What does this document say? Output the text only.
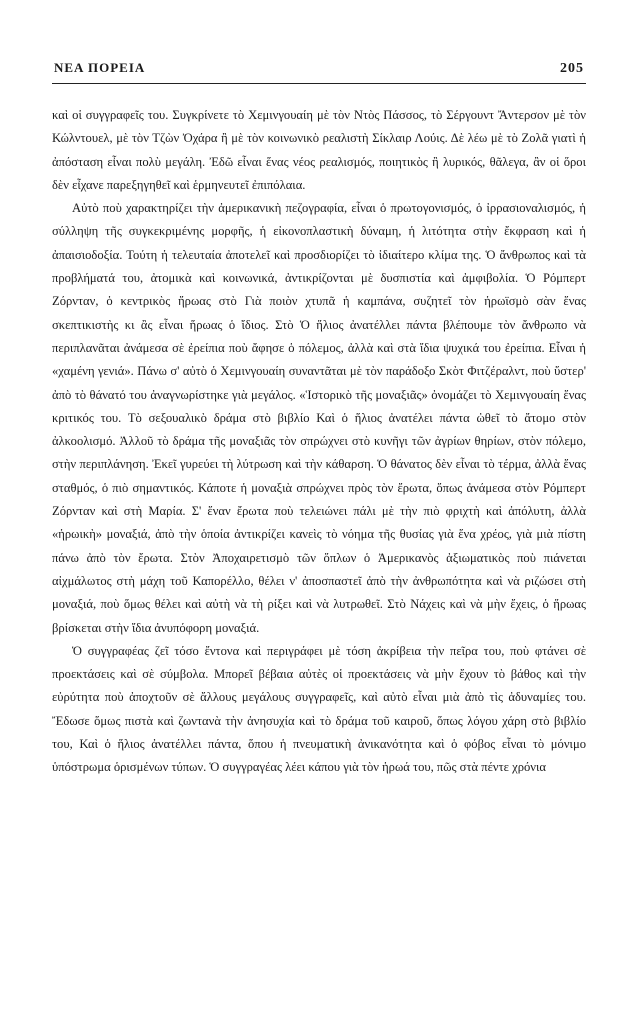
ΝΕΑ ΠΟΡΕΙΑ	205

καὶ οἱ συγγραφεῖς του. Συγκρίνετε τὸ Χεμινγουαίη μὲ τὸν Ντὸς Πάσσος, τὸ Σέργουντ Ἄντερσον μὲ τὸν Κώλντουελ, μὲ τὸν Τζὼν Ὀχάρα ἢ μὲ τὸν κοινωνικὸ ρεαλιστὴ Σίκλαιρ Λούις. Δὲ λέω μὲ τὸ Ζολᾶ γιατὶ ἡ ἀπόσταση εἶναι πολὺ μεγάλη. Ἐδῶ εἶναι ἕνας νέος ρεαλισμός, ποιητικὸς ἢ λυρικός, θᾶλεγα, ἂν οἱ ὅροι δὲν εἶχανε παρεξηγηθεῖ καὶ ἑρμηνευτεῖ ἐπιπόλαια.

Αὐτὸ ποὺ χαρακτηρίζει τὴν ἀμερικανικὴ πεζογραφία, εἶναι ὁ πρωτογονισμός, ὁ ἰρρασιοναλισμός, ἡ σύλληψη τῆς συγκεκριμένης μορφῆς, ἡ εἰκονοπλαστικὴ δύναμη, ἡ λιτότητα στὴν ἔκφραση καὶ ἡ ἀπαισιοδοξία. Τούτη ἡ τελευταία ἀποτελεῖ καὶ προσδιορίζει τὸ ἰδιαίτερο κλίμα της. Ὁ ἄνθρωπος καὶ τὰ προβλήματά του, ἀτομικὰ καὶ κοινωνικά, ἀντικρίζονται μὲ δυσπιστία καὶ ἀμφιβολία. Ὁ Ρόμπερτ Ζόρνταν, ὁ κεντρικὸς ἥρωας στὸ Γιὰ ποιὸν χτυπᾶ ἡ καμπάνα, συζητεῖ τὸν ἡρωϊσμὸ σὰν ἕνας σκεπτικιστὴς κι ἂς εἶναι ἥρωας ὁ ἴδιος. Στὸ Ὁ ἥλιος ἀνατέλλει πάντα βλέπουμε τὸν ἄνθρωπο νὰ περιπλανᾶται ἀνάμεσα σὲ ἐρείπια ποὺ ἄφησε ὁ πόλεμος, ἀλλὰ καὶ στὰ ἴδια ψυχικά του ἐρείπια. Εἶναι ἡ «χαμένη γενιά». Πάνω σ' αὐτὸ ὁ Χεμινγουαίη συναντᾶται μὲ τὸν παράδοξο Σκὸτ Φιτζέραλντ, ποὺ ὕστερ' ἀπὸ τὸ θάνατό του ἀναγνωρίστηκε γιὰ μεγάλος. «Ἱστορικὸ τῆς μοναξιᾶς» ὀνομάζει τὸ Χεμινγουαίη ἕνας κριτικός του. Τὸ σεξουαλικὸ δράμα στὸ βιβλίο Καὶ ὁ ἥλιος ἀνατέλει πάντα ὠθεῖ τὸ ἄτομο στὸν ἀλκοολισμό. Ἀλλοῦ τὸ δράμα τῆς μοναξιᾶς τὸν σπρώχνει στὸ κυνῆγι τῶν ἀγρίων θηρίων, στὸν πόλεμο, στὴν περιπλάνηση. Ἐκεῖ γυρεύει τὴ λύτρωση καὶ τὴν κάθαρση. Ὁ θάνατος δὲν εἶναι τὸ τέρμα, ἀλλὰ ἕνας σταθμός, ὁ πιὸ σημαντικός. Κάποτε ἡ μοναξιὰ σπρώχνει πρὸς τὸν ἔρωτα, ὅπως ἀνάμεσα στὸν Ρόμπερτ Ζόρνταν καὶ στὴ Μαρία. Σ' ἕναν ἔρωτα ποὺ τελειώνει πάλι μὲ τὴν πιὸ φριχτὴ καὶ ἀπόλυτη, ἀλλὰ «ἡρωικὴ» μοναξιά, ἀπὸ τὴν ὁποία ἀντικρίζει κανεὶς τὸ νόημα τῆς θυσίας γιὰ ἕνα χρέος, γιὰ μιὰ πίστη πάνω ἀπὸ τὸν ἔρωτα. Στὸν Ἀποχαιρετισμὸ τῶν ὅπλων ὁ Ἀμερικανὸς ἀξιωματικὸς ποὺ πιάνεται αἰχμάλωτος στὴ μάχη τοῦ Καπορέλλο, θέλει ν' ἀποσπαστεῖ ἀπὸ τὴν ἀνθρωπότητα καὶ νὰ ριζώσει στὴ μοναξιά, ποὺ ὅμως θέλει καὶ αὐτὴ νὰ τὴ ρίξει καὶ νὰ λυτρωθεῖ. Στὸ Νάχεις καὶ νὰ μὴν ἔχεις, ὁ ἥρωας βρίσκεται στὴν ἴδια ἀνυπόφορη μοναξιά.

Ὁ συγγραφέας ζεῖ τόσο ἔντονα καὶ περιγράφει μὲ τόση ἀκρίβεια τὴν πεῖρα του, ποὺ φτάνει σὲ προεκτάσεις καὶ σὲ σύμβολα. Μπορεῖ βέβαια αὐτὲς οἱ προεκτάσεις νὰ μὴν ἔχουν τὸ βάθος καὶ τὴν εὐρύτητα ποὺ ἀποχτοῦν σὲ ἄλλους μεγάλους συγγραφεῖς, καὶ αὐτὸ εἶναι μιὰ ἀπὸ τὶς ἀδυναμίες του. Ἔδωσε ὅμως πιστὰ καὶ ζωντανὰ τὴν ἀνησυχία καὶ τὸ δράμα τοῦ καιροῦ, ὅπως λόγου χάρη στὸ βιβλίο του, Καὶ ὁ ἥλιος ἀνατέλλει πάντα, ὅπου ἡ πνευματικὴ ἀνικανότητα καὶ ὁ φόβος εἶναι τὸ μόνιμο ὑπόστρωμα ὁρισμένων τύπων. Ὁ συγγραγέας λέει κάπου γιὰ τὸν ἡρωά του, πῶς στὰ πέντε χρόνια
